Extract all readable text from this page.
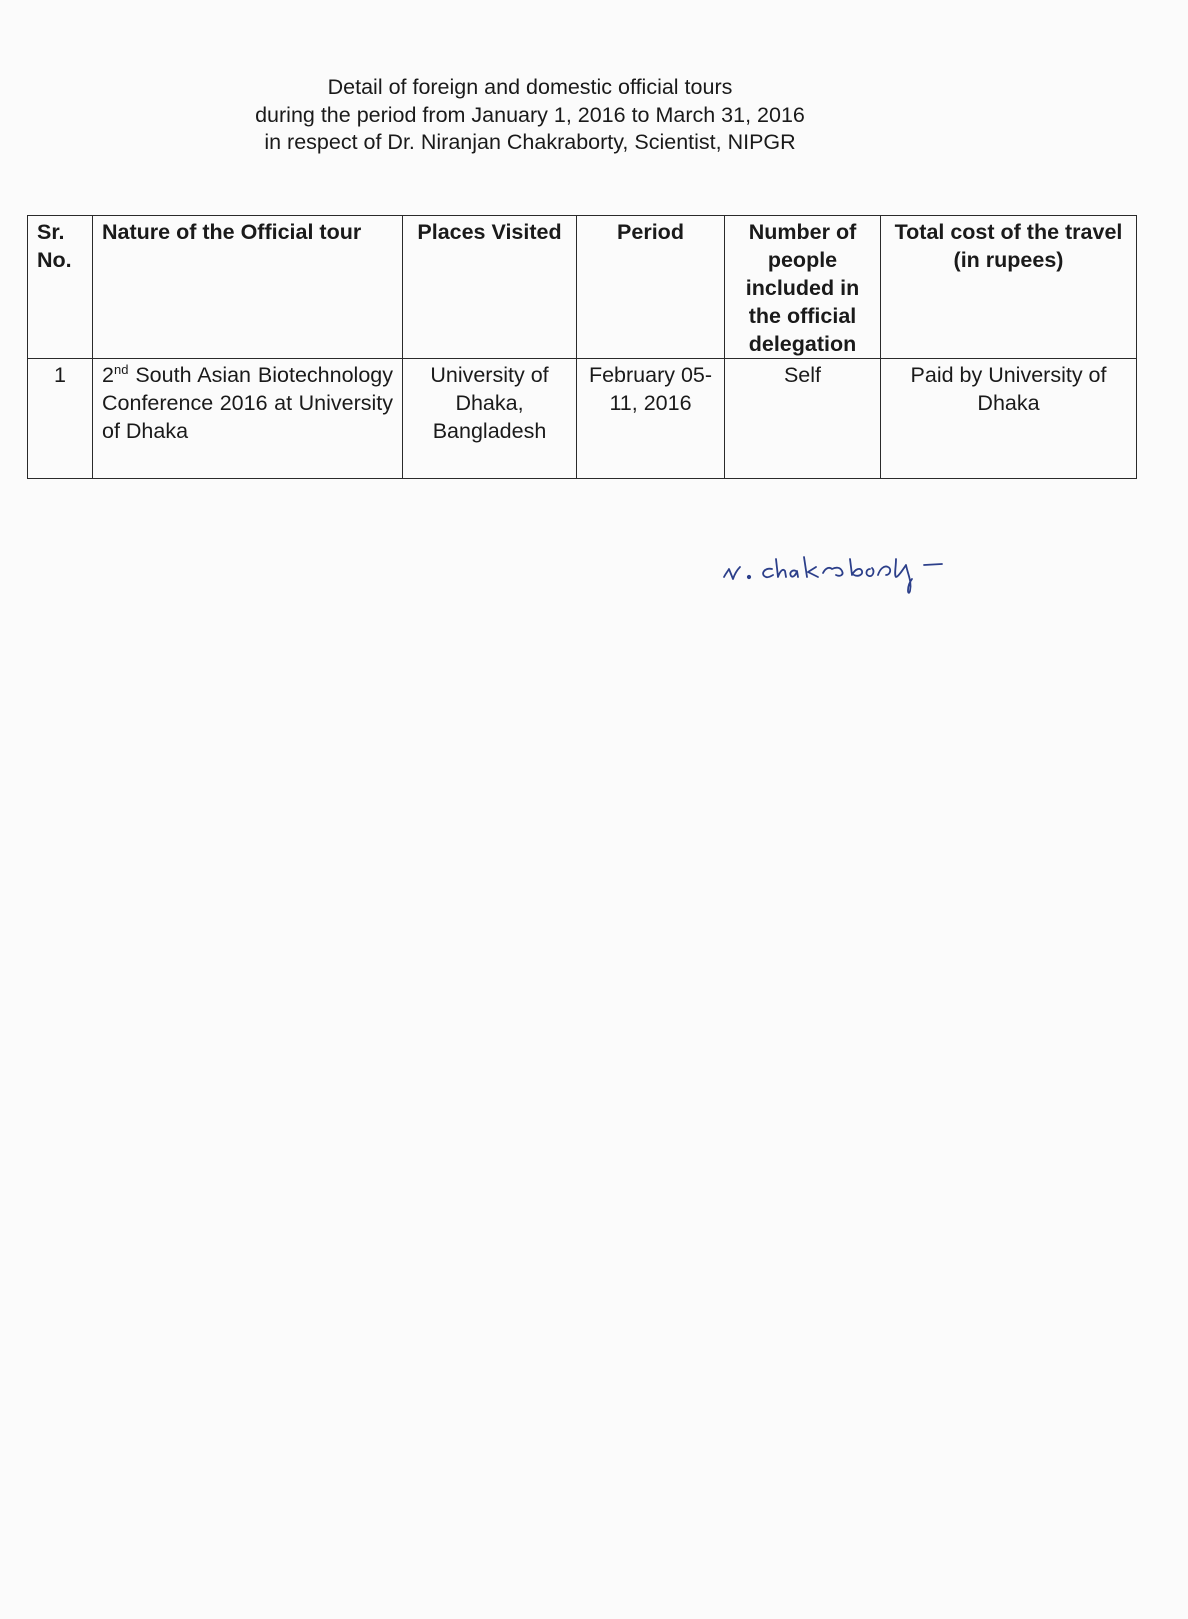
Detail of foreign and domestic official tours
during the period from January 1, 2016 to March 31, 2016
in respect of Dr. Niranjan Chakraborty, Scientist, NIPGR
Sr. No.	Nature of the Official tour	Places Visited	Period	Number of people included in the official delegation	Total cost of the travel (in rupees)
1	2nd South Asian Biotechnology Conference 2016 at University of Dhaka	University of Dhaka, Bangladesh	February 05-11, 2016	Self	Paid by University of Dhaka
